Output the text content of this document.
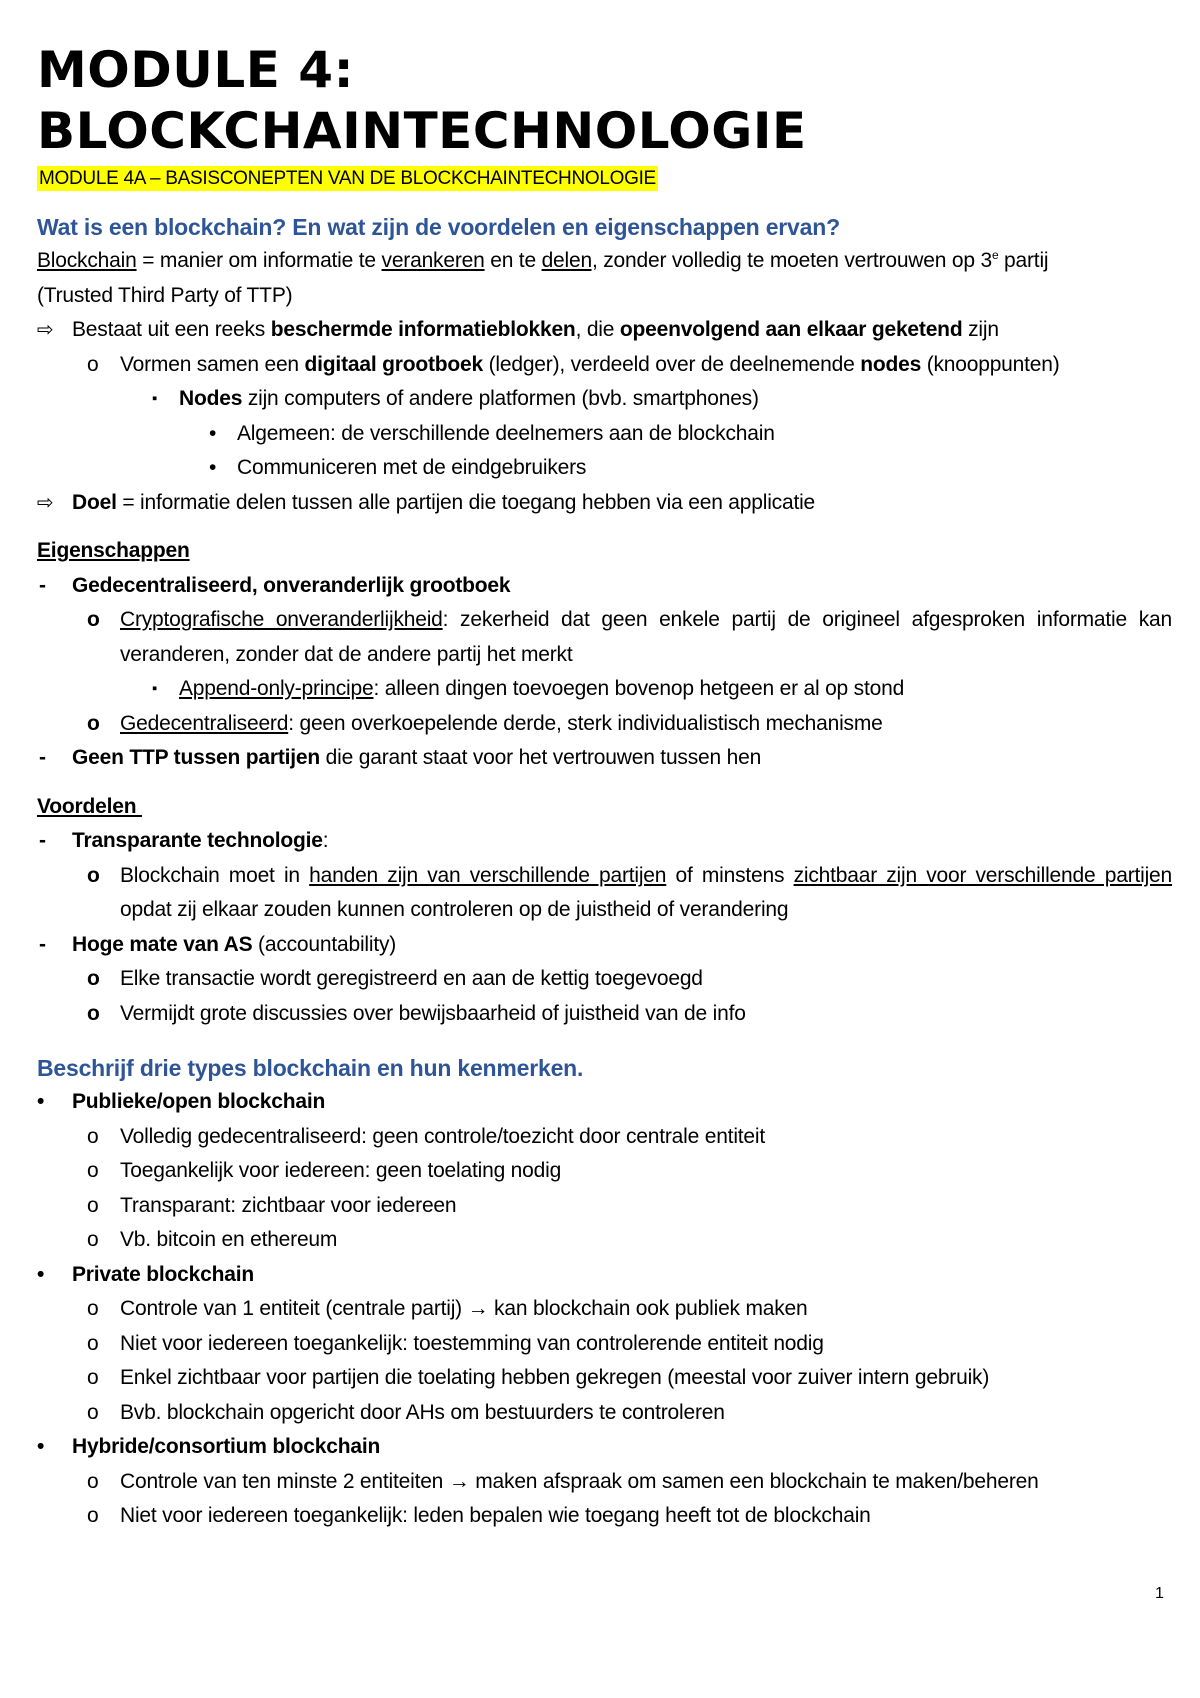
MODULE 4:
BLOCKCHAINTECHNOLOGIE
MODULE 4A – BASISCONEPTEN VAN DE BLOCKCHAINTECHNOLOGIE
Wat is een blockchain? En wat zijn de voordelen en eigenschappen ervan?
Blockchain = manier om informatie te verankeren en te delen, zonder volledig te moeten vertrouwen op 3e partij
(Trusted Third Party of TTP)
⇨ Bestaat uit een reeks beschermde informatieblokken, die opeenvolgend aan elkaar geketend zijn
o Vormen samen een digitaal grootboek (ledger), verdeeld over de deelnemende nodes (knooppunten)
▪ Nodes zijn computers of andere platformen (bvb. smartphones)
• Algemeen: de verschillende deelnemers aan de blockchain
• Communiceren met de eindgebruikers
⇨ Doel = informatie delen tussen alle partijen die toegang hebben via een applicatie
Eigenschappen
- Gedecentraliseerd, onveranderlijk grootboek
o Cryptografische onveranderlijkheid: zekerheid dat geen enkele partij de origineel afgesproken informatie kan veranderen, zonder dat de andere partij het merkt
▪ Append-only-principe: alleen dingen toevoegen bovenop hetgeen er al op stond
o Gedecentraliseerd: geen overkoepelende derde, sterk individualistisch mechanisme
- Geen TTP tussen partijen die garant staat voor het vertrouwen tussen hen
Voordelen
- Transparante technologie:
o Blockchain moet in handen zijn van verschillende partijen of minstens zichtbaar zijn voor verschillende partijen opdat zij elkaar zouden kunnen controleren op de juistheid of verandering
- Hoge mate van AS (accountability)
o Elke transactie wordt geregistreerd en aan de kettig toegevoegd
o Vermijdt grote discussies over bewijsbaarheid of juistheid van de info
Beschrijf drie types blockchain en hun kenmerken.
• Publieke/open blockchain
o Volledig gedecentraliseerd: geen controle/toezicht door centrale entiteit
o Toegankelijk voor iedereen: geen toelating nodig
o Transparant: zichtbaar voor iedereen
o Vb. bitcoin en ethereum
• Private blockchain
o Controle van 1 entiteit (centrale partij) → kan blockchain ook publiek maken
o Niet voor iedereen toegankelijk: toestemming van controlerende entiteit nodig
o Enkel zichtbaar voor partijen die toelating hebben gekregen (meestal voor zuiver intern gebruik)
o Bvb. blockchain opgericht door AHs om bestuurders te controleren
• Hybride/consortium blockchain
o Controle van ten minste 2 entiteiten → maken afspraak om samen een blockchain te maken/beheren
o Niet voor iedereen toegankelijk: leden bepalen wie toegang heeft tot de blockchain
1
